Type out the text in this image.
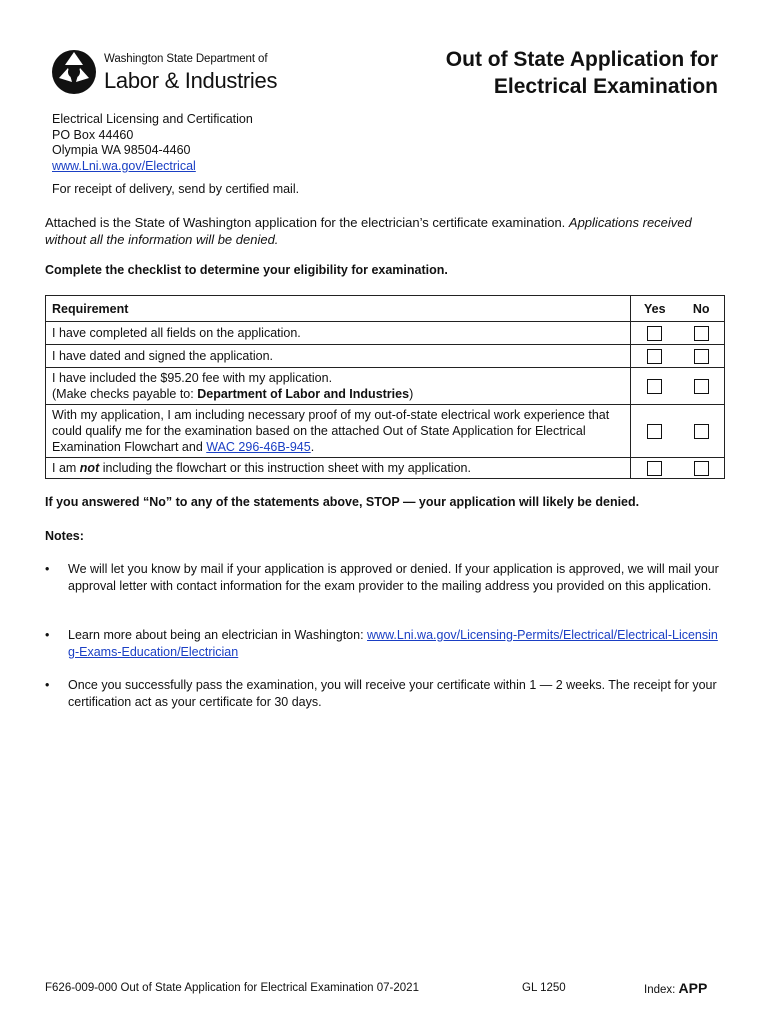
Washington State Department of
Labor & Industries
Out of State Application for
Electrical Examination
Electrical Licensing and Certification
PO Box 44460
Olympia WA 98504-4460
www.Lni.wa.gov/Electrical
For receipt of delivery, send by certified mail.
Attached is the State of Washington application for the electrician’s certificate examination. Applications received without all the information will be denied.
Complete the checklist to determine your eligibility for examination.
Requirement	Yes	No
I have completed all fields on the application.		
I have dated and signed the application.		

I have included the $95.20 fee with my application.
(Make checks payable to: Department of Labor and Industries)		

With my application, I am including necessary proof of my out-of-state electrical work experience that could qualify me for the examination based on the attached Out of State Application for Electrical Examination Flowchart and WAC 296-46B-945.		
I am not including the flowchart or this instruction sheet with my application.		
If you answered “No” to any of the statements above, STOP — your application will likely be denied.
Notes:
• We will let you know by mail if your application is approved or denied. If your application is approved, we will mail your approval letter with contact information for the exam provider to the mailing address you provided on this application.
• Learn more about being an electrician in Washington: www.Lni.wa.gov/Licensing-Permits/Electrical/Electrical-Licensing-Exams-Education/Electrician
• Once you successfully pass the examination, you will receive your certificate within 1 — 2 weeks. The receipt for your certification act as your certificate for 30 days.
F626-009-000 Out of State Application for Electrical Examination 07-2021	GL 1250	Index: APP
